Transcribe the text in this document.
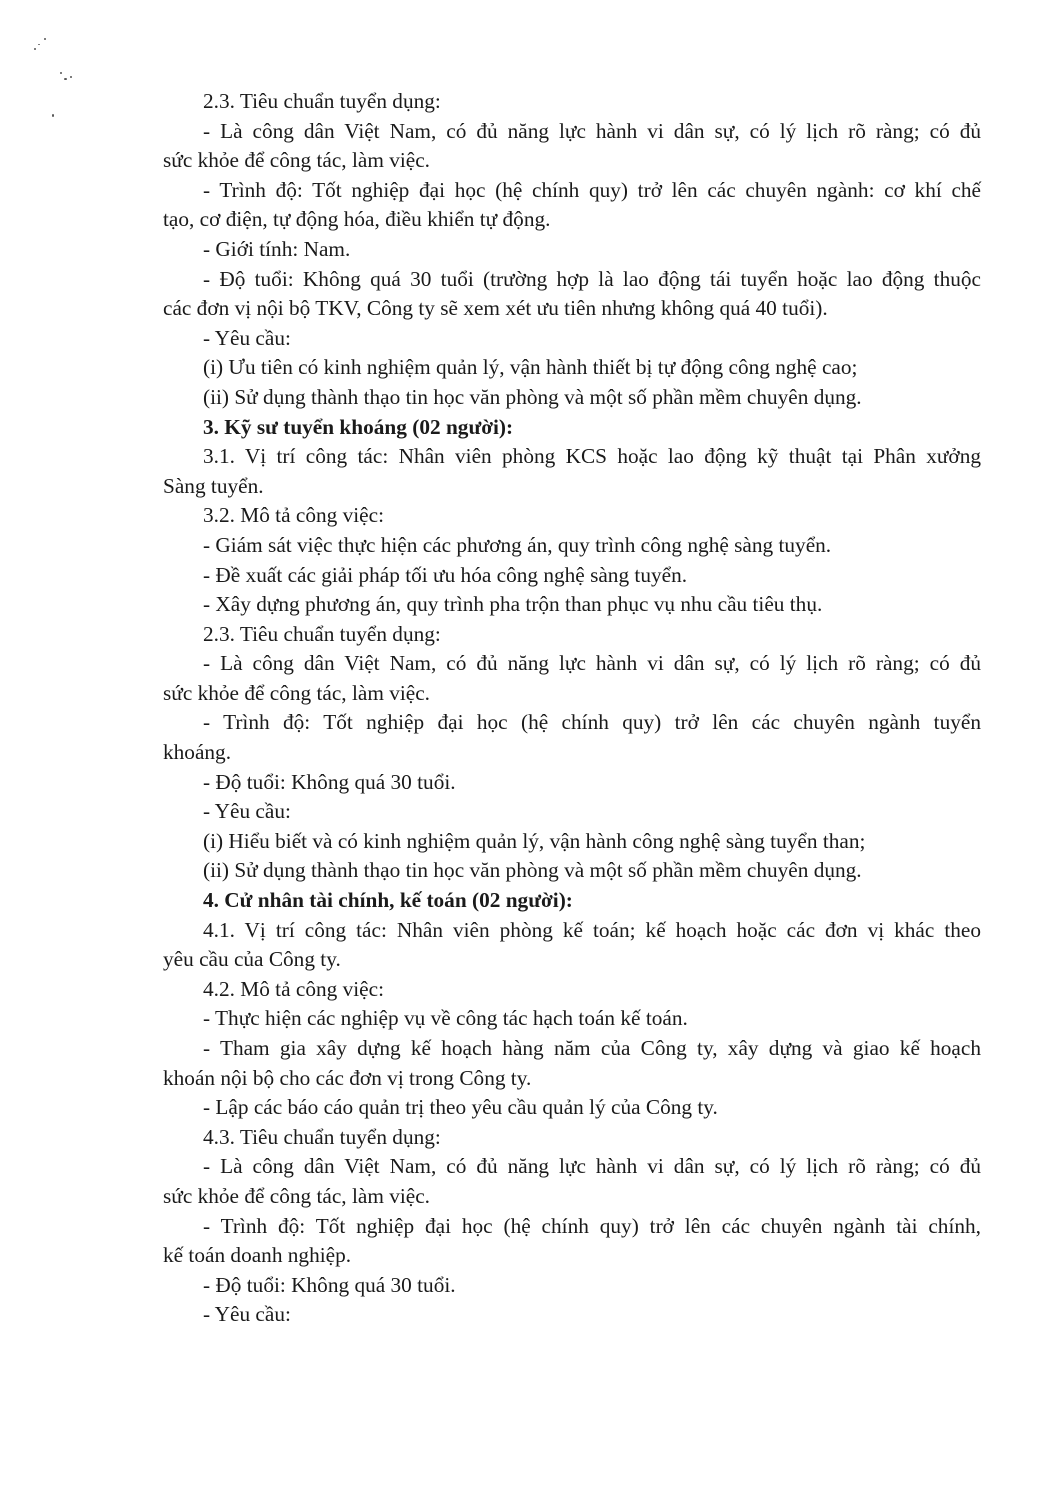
2.3. Tiêu chuẩn tuyển dụng:

- Là công dân Việt Nam, có đủ năng lực hành vi dân sự, có lý lịch rõ ràng; có đủ

sức khỏe để công tác, làm việc.

- Trình độ: Tốt nghiệp đại học (hệ chính quy) trở lên các chuyên ngành: cơ khí chế

tạo, cơ điện, tự động hóa, điều khiển tự động.

- Giới tính: Nam.

- Độ tuổi: Không quá 30 tuổi (trường hợp là lao động tái tuyển hoặc lao động thuộc

các đơn vị nội bộ TKV, Công ty sẽ xem xét ưu tiên nhưng không quá 40 tuổi).

- Yêu cầu:

(i) Ưu tiên có kinh nghiệm quản lý, vận hành thiết bị tự động công nghệ cao;

(ii) Sử dụng thành thạo tin học văn phòng và một số phần mềm chuyên dụng.

3. Kỹ sư tuyển khoáng (02 người):

3.1. Vị trí công tác: Nhân viên phòng KCS hoặc lao động kỹ thuật tại Phân xưởng

Sàng tuyển.

3.2. Mô tả công việc:

- Giám sát việc thực hiện các phương án, quy trình công nghệ sàng tuyển.

- Đề xuất các giải pháp tối ưu hóa công nghệ sàng tuyển.

- Xây dựng phương án, quy trình pha trộn than phục vụ nhu cầu tiêu thụ.

2.3. Tiêu chuẩn tuyển dụng:

- Là công dân Việt Nam, có đủ năng lực hành vi dân sự, có lý lịch rõ ràng; có đủ

sức khỏe để công tác, làm việc.

- Trình độ: Tốt nghiệp đại học (hệ chính quy) trở lên các chuyên ngành tuyển

khoáng.

- Độ tuổi: Không quá 30 tuổi.

- Yêu cầu:

(i) Hiểu biết và có kinh nghiệm quản lý, vận hành công nghệ sàng tuyển than;

(ii) Sử dụng thành thạo tin học văn phòng và một số phần mềm chuyên dụng.

4. Cử nhân tài chính, kế toán (02 người):

4.1. Vị trí công tác: Nhân viên phòng kế toán; kế hoạch hoặc các đơn vị khác theo

yêu cầu của Công ty.

4.2. Mô tả công việc:

- Thực hiện các nghiệp vụ về công tác hạch toán kế toán.

- Tham gia xây dựng kế hoạch hàng năm của Công ty, xây dựng và giao kế hoạch

khoán nội bộ cho các đơn vị trong Công ty.

- Lập các báo cáo quản trị theo yêu cầu quản lý của Công ty.

4.3. Tiêu chuẩn tuyển dụng:

- Là công dân Việt Nam, có đủ năng lực hành vi dân sự, có lý lịch rõ ràng; có đủ

sức khỏe để công tác, làm việc.

- Trình độ: Tốt nghiệp đại học (hệ chính quy) trở lên các chuyên ngành tài chính,

kế toán doanh nghiệp.

- Độ tuổi: Không quá 30 tuổi.

- Yêu cầu:
